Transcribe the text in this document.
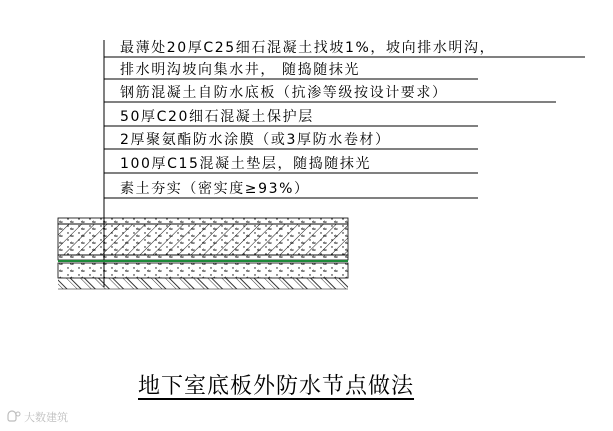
最薄处20厚C25细石混凝土找坡1%，坡向排水明沟，
排水明沟坡向集水井， 随捣随抹光
钢筋混凝土自防水底板（抗渗等级按设计要求）
50厚C20细石混凝土保护层
2厚聚氨酯防水涂膜（或3厚防水卷材）
100厚C15混凝土垫层，随捣随抹光
素土夯实（密实度≥93%）
大数建筑
地下室底板外防水节点做法
